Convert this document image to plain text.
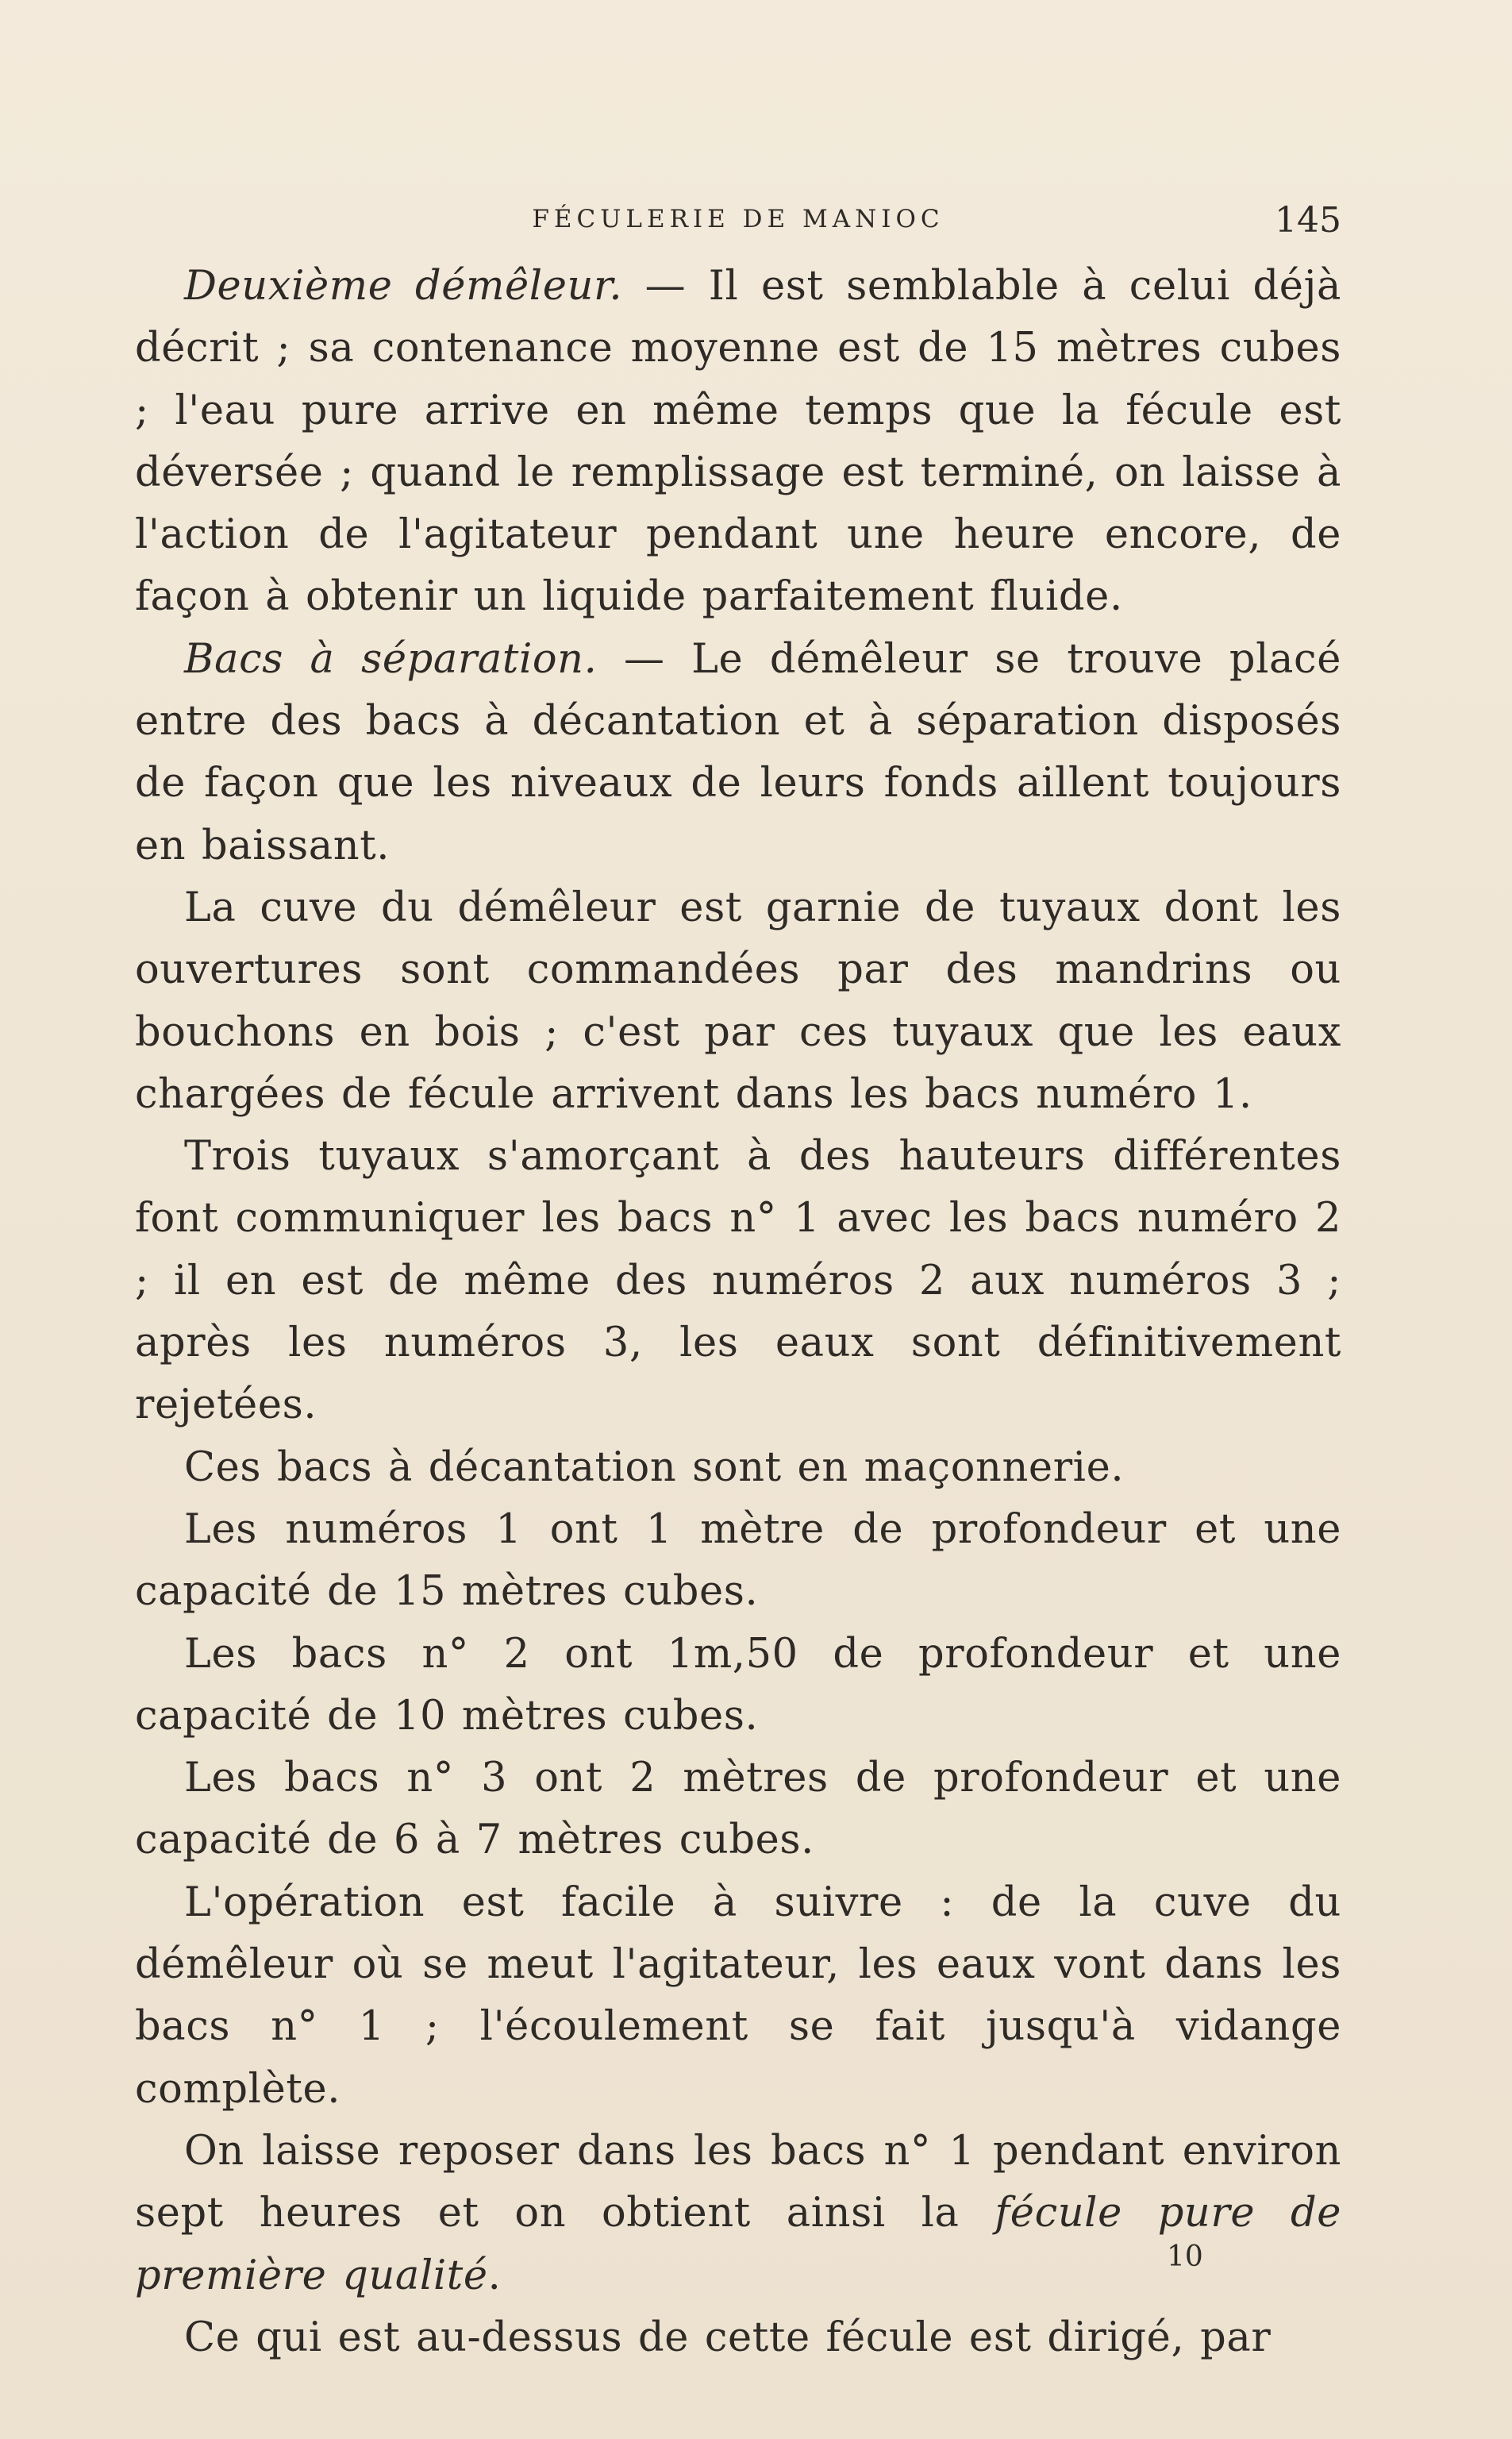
FÉCULERIE DE MANIOC	145

Deuxième démêleur. — Il est semblable à celui déjà décrit ; sa contenance moyenne est de 15 mètres cubes ; l'eau pure arrive en même temps que la fécule est déversée ; quand le remplissage est terminé, on laisse à l'action de l'agitateur pendant une heure encore, de façon à obtenir un liquide parfaitement fluide.

Bacs à séparation. — Le démêleur se trouve placé entre des bacs à décantation et à séparation disposés de façon que les niveaux de leurs fonds aillent toujours en baissant.

La cuve du démêleur est garnie de tuyaux dont les ouvertures sont commandées par des mandrins ou bouchons en bois ; c'est par ces tuyaux que les eaux chargées de fécule arrivent dans les bacs numéro 1.

Trois tuyaux s'amorçant à des hauteurs différentes font communiquer les bacs n° 1 avec les bacs numéro 2 ; il en est de même des numéros 2 aux numéros 3 ; après les numéros 3, les eaux sont définitivement rejetées.

Ces bacs à décantation sont en maçonnerie.

Les numéros 1 ont 1 mètre de profondeur et une capacité de 15 mètres cubes.

Les bacs n° 2 ont 1m,50 de profondeur et une capacité de 10 mètres cubes.

Les bacs n° 3 ont 2 mètres de profondeur et une capacité de 6 à 7 mètres cubes.

L'opération est facile à suivre : de la cuve du démêleur où se meut l'agitateur, les eaux vont dans les bacs n° 1 ; l'écoulement se fait jusqu'à vidange complète.

On laisse reposer dans les bacs n° 1 pendant environ sept heures et on obtient ainsi la fécule pure de première qualité.

Ce qui est au-dessus de cette fécule est dirigé, par

10
